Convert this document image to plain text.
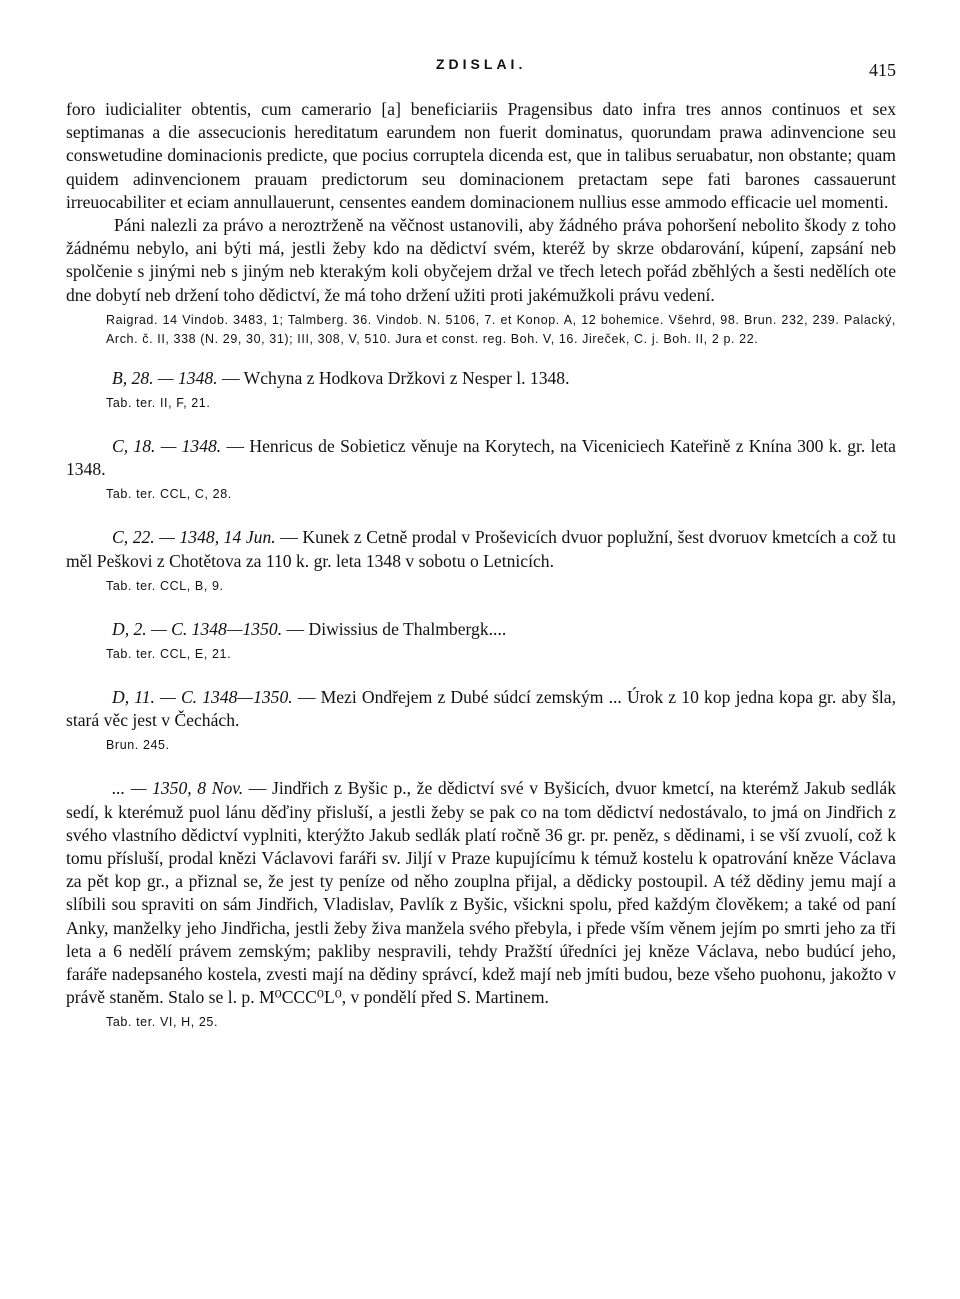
ZDISLAI.	415

foro iudicialiter obtentis, cum camerario [a] beneficiariis Pragensibus dato infra tres annos continuos et sex septimanas a die assecucionis hereditatum earundem non fuerit dominatus, quorundam prawa adinvencione seu conswetudine dominacionis predicte, que pocius corruptela dicenda est, que in talibus seruabatur, non obstante; quam quidem adinvencionem prauam predictorum seu dominacionem pretactam sepe fati barones cassauerunt irreuocabiliter et eciam annullauerunt, censentes eandem dominacionem nullius esse ammodo efficacie uel momenti.

Páni nalezli za právo a neroztrženě na věčnost ustanovili, aby žádného práva pohoršení nebolito škody z toho žádnému nebylo, ani býti má, jestli žeby kdo na dědictví svém, kteréž by skrze obdarování, kúpení, zapsání neb spolčenie s jinými neb s jiným neb kterakým koli obyčejem držal ve třech letech pořád zběhlých a šesti nedělích ote dne dobytí neb držení toho dědictví, že má toho držení užiti proti jakémužkoli právu vedení.

Raigrad. 14 Vindob. 3483, 1; Talmberg. 36. Vindob. N. 5106, 7. et Konop. A, 12 bohemice. Všehrd, 98. Brun. 232, 239. Palacký, Arch. č. II, 338 (N. 29, 30, 31); III, 308, V, 510. Jura et const. reg. Boh. V, 16. Jireček, C. j. Boh. II, 2 p. 22.

B, 28. — 1348. — Wchyna z Hodkova Držkovi z Nesper l. 1348.

Tab. ter. II, F, 21.

C, 18. — 1348. — Henricus de Sobieticz věnuje na Korytech, na Viceniciech Kateřině z Knína 300 k. gr. leta 1348.

Tab. ter. CCL, C, 28.

C, 22. — 1348, 14 Jun. — Kunek z Cetně prodal v Proševicích dvuor poplužní, šest dvoruov kmetcích a což tu měl Peškovi z Chotětova za 110 k. gr. leta 1348 v sobotu o Letnicích.

Tab. ter. CCL, B, 9.

D, 2. — C. 1348—1350. — Diwissius de Thalmbergk....

Tab. ter. CCL, E, 21.

D, 11. — C. 1348—1350. — Mezi Ondřejem z Dubé súdcí zemským ... Úrok z 10 kop jedna kopa gr. aby šla, stará věc jest v Čechách.

Brun. 245.

... — 1350, 8 Nov. — Jindřich z Byšic p., že dědictví své v Byšicích, dvuor kmetcí, na kterémž Jakub sedlák sedí, k kterémuž puol lánu děďiny přisluší, a jestli žeby se pak co na tom dědictví nedostávalo, to jmá on Jindřich z svého vlastního dědictví vyplniti, kterýžto Jakub sedlák platí ročně 36 gr. pr. peněz, s dědinami, i se vší zvuolí, což k tomu přísluší, prodal knězi Václavovi faráři sv. Jiljí v Praze kupujícímu k témuž kostelu k opatrování kněze Václava za pět kop gr., a přiznal se, že jest ty peníze od něho zouplna přijal, a dědicky postoupil. A též dědiny jemu mají a slíbili sou spraviti on sám Jindřich, Vladislav, Pavlík z Byšic, všickni spolu, před každým člověkem; a také od paní Anky, manželky jeho Jindřicha, jestli žeby živa manžela svého přebyla, i přede vším věnem jejím po smrti jeho za tři leta a 6 nedělí právem zemským; pakliby nespravili, tehdy Pražští úředníci jej kněze Václava, nebo budúcí jeho, faráře nadepsaného kostela, zvesti mají na dědiny správcí, kdež mají neb jmíti budou, beze všeho puohonu, jakožto v právě staněm. Stalo se l. p. M⁰CCC⁰L⁰, v pondělí před S. Martinem.

Tab. ter. VI, H, 25.
